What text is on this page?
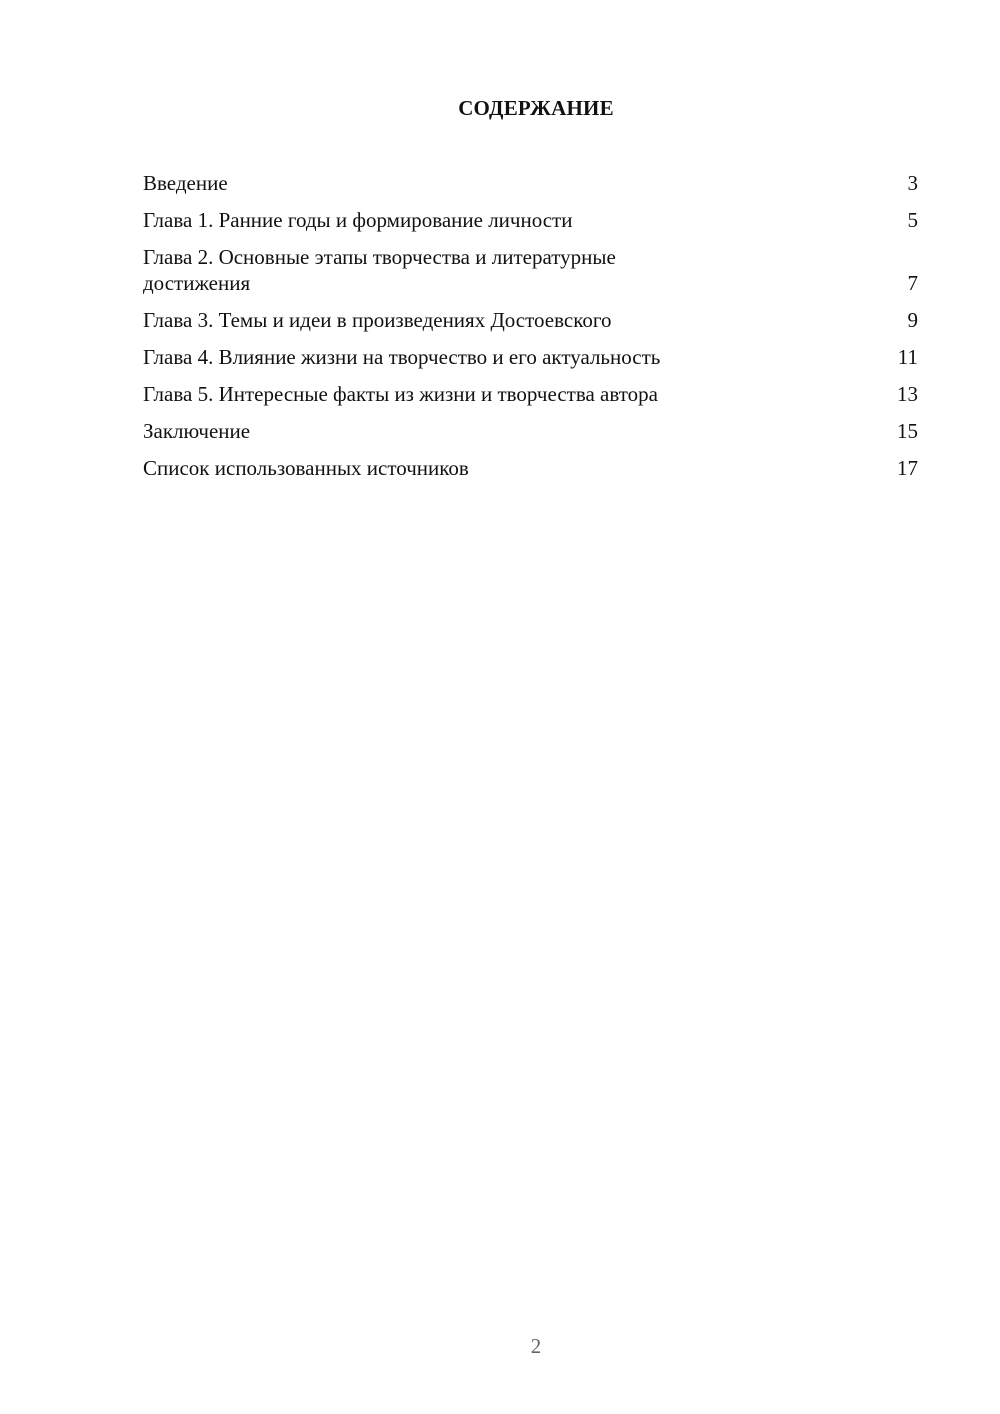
СОДЕРЖАНИЕ
Введение	3
Глава 1. Ранние годы и формирование личности	5
Глава 2. Основные этапы творчества и литературные достижения	7
Глава 3. Темы и идеи в произведениях Достоевского	9
Глава 4. Влияние жизни на творчество и его актуальность	11
Глава 5. Интересные факты из жизни и творчества автора	13
Заключение	15
Список использованных источников	17
2
